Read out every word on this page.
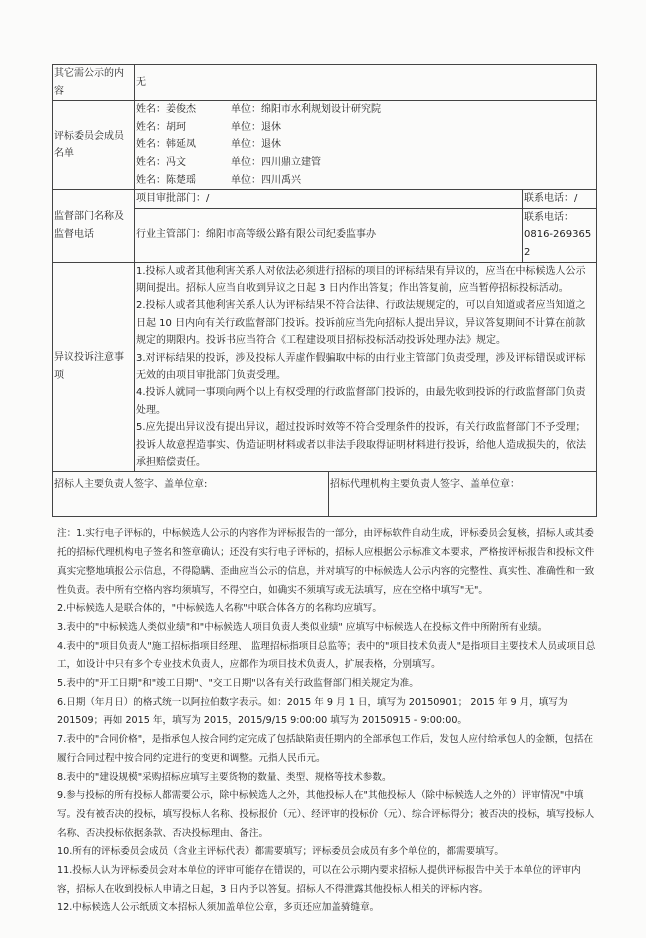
其它需公示的内容	无		
评标委员会成员名单	姓名：姜俊杰 单位：绵阳市水利规划设计研究院
姓名：胡珂 单位：退休
姓名：韩延凤 单位：退休
姓名：冯文 单位：四川鼎立建管
姓名：陈楚瑶 单位：四川禹兴		

监督部门名称及监督电话	项目审批部门：/		联系电话：/
	行业主管部门：绵阳市高等级公路有限公司纪委监事办		联系电话：
0816-2693652

异议投诉注意事项	1.投标人或者其他利害关系人对依法必须进行招标的项目的评标结果有异议的，应当在中标候选人公示期间提出。招标人应当自收到异议之日起 3 日内作出答复；作出答复前，应当暂停招标投标活动。

2.投标人或者其他利害关系人认为评标结果不符合法律、行政法规规定的，可以自知道或者应当知道之日起 10 日内向有关行政监督部门投诉。投诉前应当先向招标人提出异议，异议答复期间不计算在前款规定的期限内。投诉书应当符合《工程建设项目招标投标活动投诉处理办法》规定。

3.对评标结果的投诉，涉及投标人弄虚作假骗取中标的由行业主管部门负责受理，涉及评标错误或评标无效的由项目审批部门负责受理。

4.投诉人就同一事项向两个以上有权受理的行政监督部门投诉的，由最先收到投诉的行政监督部门负责处理。

5.应先提出异议没有提出异议，超过投诉时效等不符合受理条件的投诉，有关行政监督部门不予受理；投诉人故意捏造事实、伪造证明材料或者以非法手段取得证明材料进行投诉，给他人造成损失的，依法承担赔偿责任。		

招标人主要负责人签字、盖单位章:		招标代理机构主要负责人签字、盖单位章：	

注：1.实行电子评标的，中标候选人公示的内容作为评标报告的一部分，由评标软件自动生成，评标委员会复核，招标人或其委托的招标代理机构电子签名和签章确认；还没有实行电子评标的，招标人应根据公示标准文本要求，严格按评标报告和投标文件真实完整地填报公示信息，不得隐瞒、歪曲应当公示的信息，并对填写的中标候选人公示内容的完整性、真实性、准确性和一致性负责。表中所有空格内容均须填写，不得空白，如确实不须填写或无法填写，应在空格中填写"无"。

2.中标候选人是联合体的，"中标候选人名称"中联合体各方的名称均应填写。

3.表中的"中标候选人类似业绩"和"中标候选人项目负责人类似业绩" 应填写中标候选人在投标文件中所附所有业绩。

4.表中的"项目负责人"施工招标指项目经理、 监理招标指项目总监等；表中的"项目技术负责人"是指项目主要技术人员或项目总工，如设计中只有多个专业技术负责人，应都作为项目技术负责人，扩展表格，分别填写。

5.表中的"开工日期"和"竣工日期"、"交工日期"以各有关行政监督部门相关规定为准。

6.日期（年月日）的格式统一以阿拉伯数字表示。如：2015 年 9 月 1 日，填写为 20150901； 2015 年 9 月，填写为 201509；再如 2015 年，填写为 2015，2015/9/15 9:00:00 填写为 20150915 - 9:00:00。

7.表中的"合同价格"，是指承包人按合同约定完成了包括缺陷责任期内的全部承包工作后，发包人应付给承包人的金额，包括在履行合同过程中按合同约定进行的变更和调整。元指人民币元。

8.表中的"建设规模"采购招标应填写主要货物的数量、类型、规格等技术参数。

9.参与投标的所有投标人都需要公示，除中标候选人之外，其他投标人在"其他投标人（除中标候选人之外的）评审情况"中填写。没有被否决的投标，填写投标人名称、投标报价（元）、经评审的投标价（元）、综合评标得分；被否决的投标，填写投标人名称、否决投标依据条款、否决投标理由、备注。

10.所有的评标委员会成员（含业主评标代表）都需要填写；评标委员会成员有多个单位的，都需要填写。

11.投标人认为评标委员会对本单位的评审可能存在错误的，可以在公示期内要求招标人提供评标报告中关于本单位的评审内容，招标人在收到投标人申请之日起，3 日内予以答复。招标人不得泄露其他投标人相关的评标内容。

12.中标候选人公示纸质文本招标人须加盖单位公章，多页还应加盖骑缝章。
